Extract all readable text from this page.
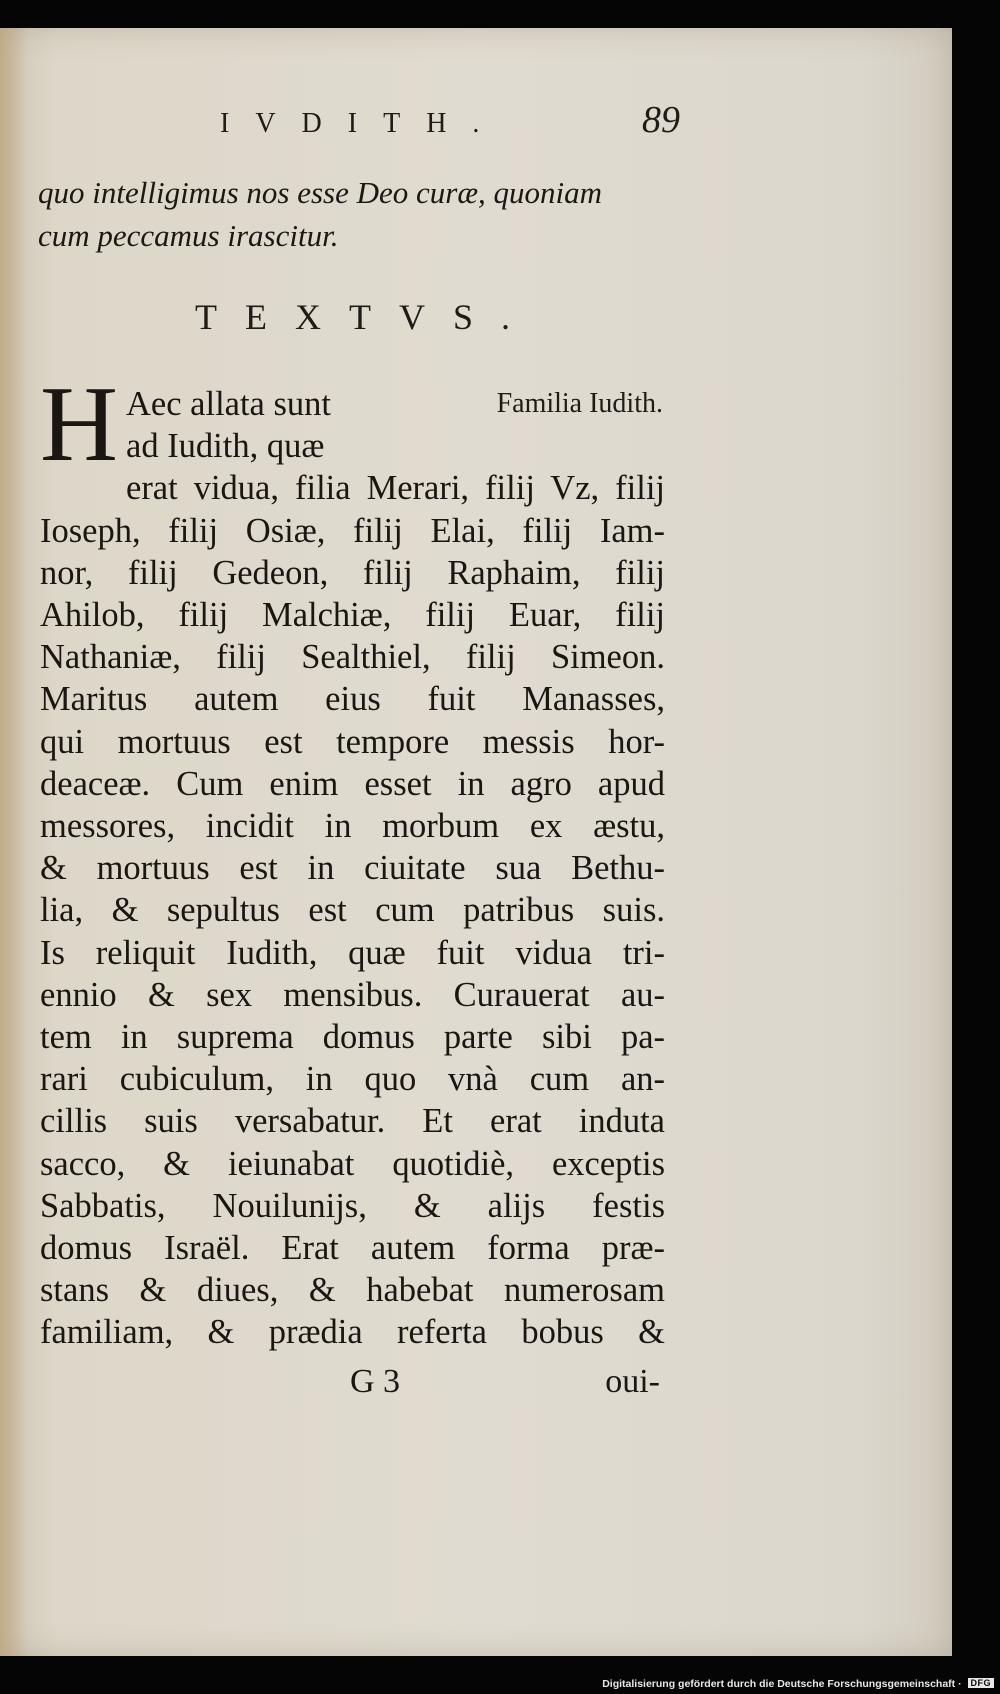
IVDITH.	89
quo intelligimus nos esse Deo curæ, quoniam
cum peccamus irascitur.
TEXTVS.
H	Familia Iudith.
Aec allata sunt
ad Iudith, quæ
erat vidua, filia Merari, filij Vz, filij
Ioseph, filij Osiæ, filij Elai, filij Iam-
nor, filij Gedeon, filij Raphaim, filij
Ahilob, filij Malchiæ, filij Euar, filij
Nathaniæ, filij Sealthiel, filij Simeon.
Maritus autem eius fuit Manasses,
qui mortuus est tempore messis hor-
deaceæ. Cum enim esset in agro apud
messores, incidit in morbum ex æstu,
& mortuus est in ciuitate sua Bethu-
lia, & sepultus est cum patribus suis.
Is reliquit Iudith, quæ fuit vidua tri-
ennio & sex mensibus. Curauerat au-
tem in suprema domus parte sibi pa-
rari cubiculum, in quo vnà cum an-
cillis suis versabatur. Et erat induta
sacco, & ieiunabat quotidiè, exceptis
Sabbatis, Nouilunijs, & alijs festis
domus Israël. Erat autem forma præ-
stans & diues, & habebat numerosam
familiam, & prædia referta bobus &
G 3	oui-
Digitalisierung gefördert durch die Deutsche Forschungsgemeinschaft · DFG
